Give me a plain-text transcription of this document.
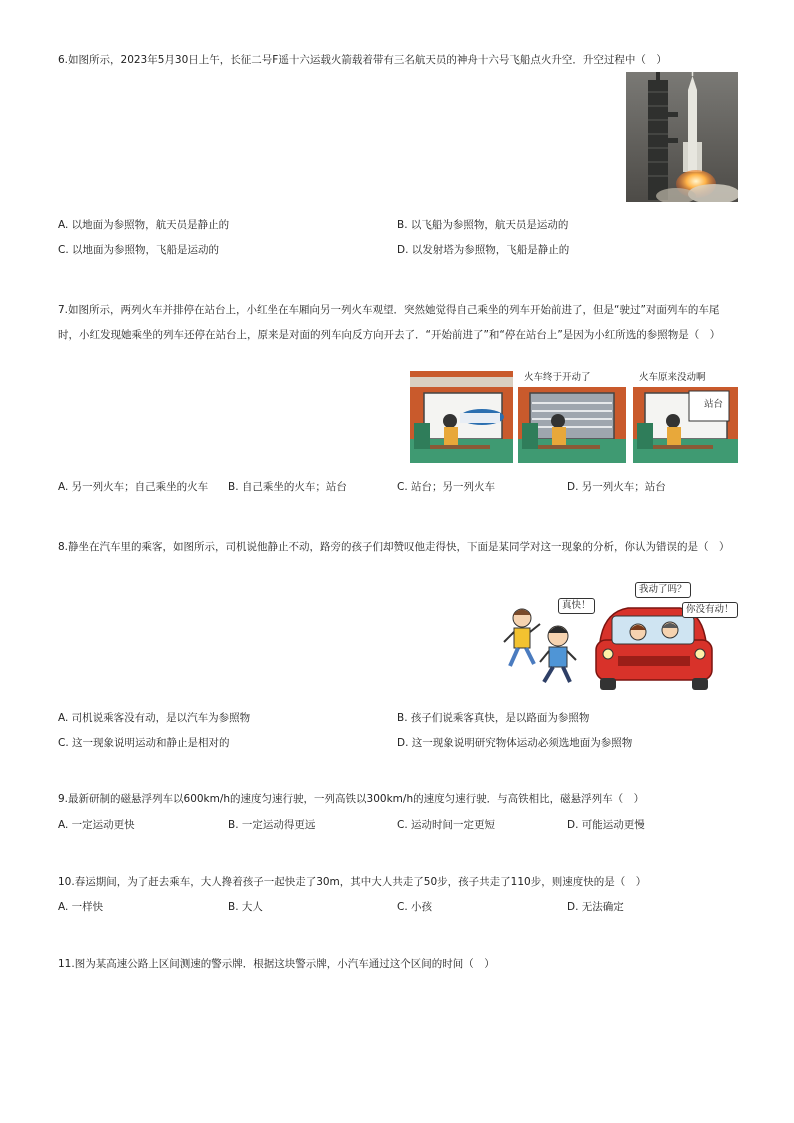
6.如图所示，2023年5月30日上午，长征二号F遥十六运载火箭载着带有三名航天员的神舟十六号飞船点火升空．升空过程中（　）
A. 以地面为参照物，航天员是静止的	B. 以飞船为参照物，航天员是运动的
C. 以地面为参照物，飞船是运动的	D. 以发射塔为参照物，飞船是静止的
7.如图所示，两列火车并排停在站台上，小红坐在车厢向另一列火车观望．突然她觉得自己乘坐的列车开始前进了，但是“驶过”对面列车的车尾时，小红发现她乘坐的列车还停在站台上，原来是对面的列车向反方向开去了．“开始前进了”和“停在站台上”是因为小红所选的参照物是（　）
火车终于开动了	火车原来没动啊
站台
A. 另一列火车；自己乘坐的火车 B. 自己乘坐的火车；站台	C. 站台；另一列火车	D. 另一列火车；站台
8.静坐在汽车里的乘客，如图所示，司机说他静止不动，路旁的孩子们却赞叹他走得快，下面是某同学对这一现象的分析，你认为错误的是（　）
真快！
我动了吗？
你没有动！
A. 司机说乘客没有动，是以汽车为参照物	B. 孩子们说乘客真快，是以路面为参照物
C. 这一现象说明运动和静止是相对的	D. 这一现象说明研究物体运动必须选地面为参照物
9.最新研制的磁悬浮列车以600km/h的速度匀速行驶，一列高铁以300km/h的速度匀速行驶．与高铁相比，磁悬浮列车（　）
A. 一定运动更快	B. 一定运动得更远	C. 运动时间一定更短	D. 可能运动更慢
10.春运期间，为了赶去乘车，大人搀着孩子一起快走了30m，其中大人共走了50步，孩子共走了110步，则速度快的是（　）
A. 一样快	B. 大人	C. 小孩	D. 无法确定
11.图为某高速公路上区间测速的警示牌．根据这块警示牌，小汽车通过这个区间的时间（　）
